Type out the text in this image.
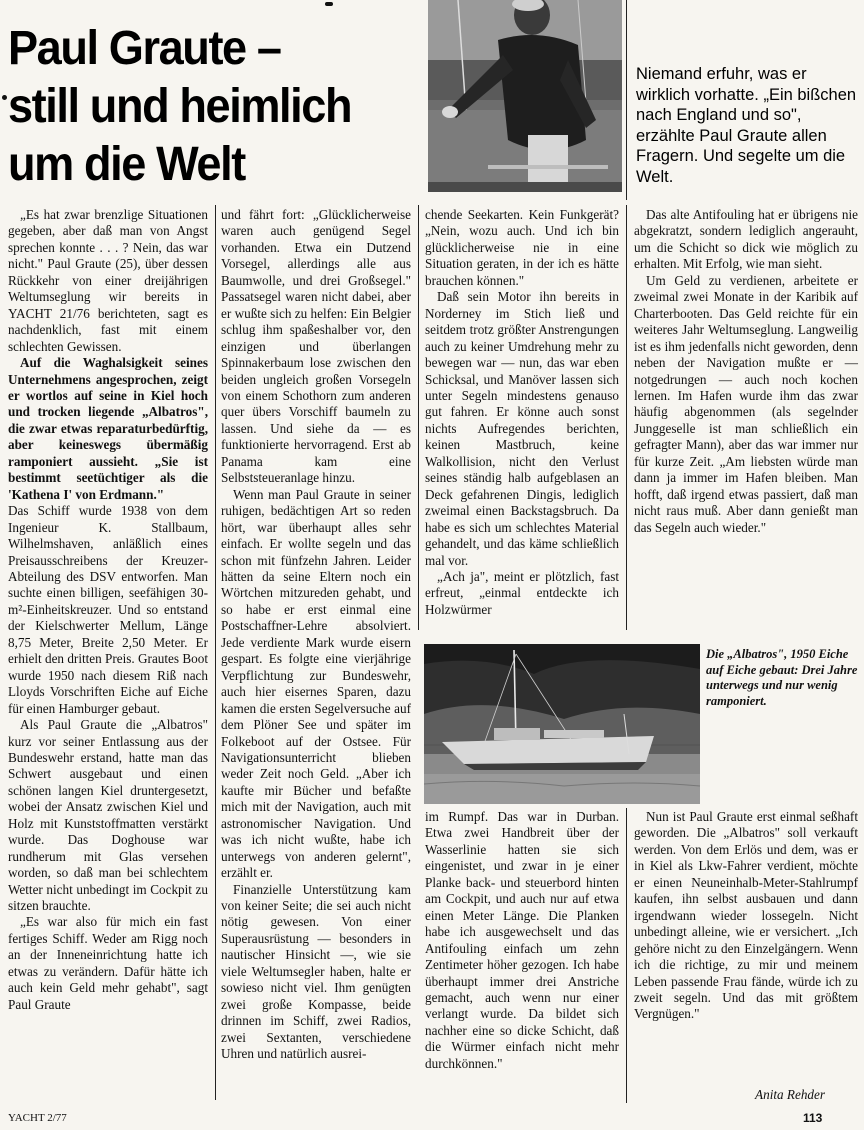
Paul Graute –
still und heimlich
um die Welt

Niemand erfuhr, was er wirklich vorhatte. „Ein bißchen nach England und so", erzählte Paul Graute allen Fragern. Und segelte um die Welt.

„Es hat zwar brenzlige Situationen gegeben, aber daß man von Angst sprechen konnte . . . ? Nein, das war nicht." Paul Graute (25), über dessen Rückkehr von einer dreijährigen Weltumseglung wir bereits in YACHT 21/76 berichteten, sagt es nachdenklich, fast mit einem schlechten Gewissen.

Auf die Waghalsigkeit seines Unternehmens angesprochen, zeigt er wortlos auf seine in Kiel hoch und trocken liegende „Albatros", die zwar etwas reparaturbedürftig, aber keineswegs übermäßig ramponiert aussieht. „Sie ist bestimmt seetüchtiger als die 'Kathena I' von Erdmann."

Das Schiff wurde 1938 von dem Ingenieur K. Stallbaum, Wilhelmshaven, anläßlich eines Preisausschreibens der Kreuzer-Abteilung des DSV entworfen. Man suchte einen billigen, seefähigen 30-m²-Einheitskreuzer. Und so entstand der Kielschwerter Mellum, Länge 8,75 Meter, Breite 2,50 Meter. Er erhielt den dritten Preis. Grautes Boot wurde 1950 nach diesem Riß nach Lloyds Vorschriften Eiche auf Eiche für einen Hamburger gebaut.

Als Paul Graute die „Albatros" kurz vor seiner Entlassung aus der Bundeswehr erstand, hatte man das Schwert ausgebaut und einen schönen langen Kiel druntergesetzt, wobei der Ansatz zwischen Kiel und Holz mit Kunststoffmatten verstärkt wurde. Das Doghouse war rundherum mit Glas versehen worden, so daß man bei schlechtem Wetter nicht unbedingt im Cockpit zu sitzen brauchte.

„Es war also für mich ein fast fertiges Schiff. Weder am Rigg noch an der Inneneinrichtung hatte ich etwas zu verändern. Dafür hätte ich auch kein Geld mehr gehabt", sagt Paul Graute

und fährt fort: „Glücklicherweise waren auch genügend Segel vorhanden. Etwa ein Dutzend Vorsegel, allerdings alle aus Baumwolle, und drei Großsegel." Passatsegel waren nicht dabei, aber er wußte sich zu helfen: Ein Belgier schlug ihm spaßeshalber vor, den einzigen und überlangen Spinnakerbaum lose zwischen den beiden ungleich großen Vorsegeln von einem Schothorn zum anderen quer übers Vorschiff baumeln zu lassen. Und siehe da — es funktionierte hervorragend. Erst ab Panama kam eine Selbststeueranlage hinzu.

Wenn man Paul Graute in seiner ruhigen, bedächtigen Art so reden hört, war überhaupt alles sehr einfach. Er wollte segeln und das schon mit fünfzehn Jahren. Leider hätten da seine Eltern noch ein Wörtchen mitzureden gehabt, und so habe er erst einmal eine Postschaffner-Lehre absolviert. Jede verdiente Mark wurde eisern gespart. Es folgte eine vierjährige Verpflichtung zur Bundeswehr, auch hier eisernes Sparen, dazu kamen die ersten Segelversuche auf dem Plöner See und später im Folkeboot auf der Ostsee. Für Navigationsunterricht blieben weder Zeit noch Geld. „Aber ich kaufte mir Bücher und befaßte mich mit der Navigation, auch mit astronomischer Navigation. Und was ich nicht wußte, habe ich unterwegs von anderen gelernt", erzählt er.

Finanzielle Unterstützung kam von keiner Seite; die sei auch nicht nötig gewesen. Von einer Superausrüstung — besonders in nautischer Hinsicht —, wie sie viele Weltumsegler haben, halte er sowieso nicht viel. Ihm genügten zwei große Kompasse, beide drinnen im Schiff, zwei Radios, zwei Sextanten, verschiedene Uhren und natürlich ausrei-

chende Seekarten. Kein Funkgerät? „Nein, wozu auch. Und ich bin glücklicherweise nie in eine Situation geraten, in der ich es hätte brauchen können."

Daß sein Motor ihn bereits in Norderney im Stich ließ und seitdem trotz größter Anstrengungen auch zu keiner Umdrehung mehr zu bewegen war — nun, das war eben Schicksal, und Manöver lassen sich unter Segeln mindestens genauso gut fahren. Er könne auch sonst nichts Aufregendes berichten, keinen Mastbruch, keine Walkollision, nicht den Verlust seines ständig halb aufgeblasen an Deck gefahrenen Dingis, lediglich zweimal einen Backstagsbruch. Da habe es sich um schlechtes Material gehandelt, und das käme schließlich mal vor.

„Ach ja", meint er plötzlich, fast erfreut, „einmal entdeckte ich Holzwürmer

Das alte Antifouling hat er übrigens nie abgekratzt, sondern lediglich angerauht, um die Schicht so dick wie möglich zu erhalten. Mit Erfolg, wie man sieht.

Um Geld zu verdienen, arbeitete er zweimal zwei Monate in der Karibik auf Charterbooten. Das Geld reichte für ein weiteres Jahr Weltumseglung. Langweilig ist es ihm jedenfalls nicht geworden, denn neben der Navigation mußte er — notgedrungen — auch noch kochen lernen. Im Hafen wurde ihm das zwar häufig abgenommen (als segelnder Junggeselle ist man schließlich ein gefragter Mann), aber das war immer nur für kurze Zeit. „Am liebsten würde man dann ja immer im Hafen bleiben. Man hofft, daß irgend etwas passiert, daß man nicht raus muß. Aber dann genießt man das Segeln auch wieder."

Die „Albatros", 1950 Eiche auf Eiche gebaut: Drei Jahre unterwegs und nur wenig ramponiert.

im Rumpf. Das war in Durban. Etwa zwei Handbreit über der Wasserlinie hatten sie sich eingenistet, und zwar in je einer Planke back- und steuerbord hinten am Cockpit, und auch nur auf etwa einen Meter Länge. Die Planken habe ich ausgewechselt und das Antifouling einfach um zehn Zentimeter höher gezogen. Ich habe überhaupt immer drei Anstriche gemacht, auch wenn nur einer verlangt wurde. Da bildet sich nachher eine so dicke Schicht, daß die Würmer einfach nicht mehr durchkönnen."

Nun ist Paul Graute erst einmal seßhaft geworden. Die „Albatros" soll verkauft werden. Von dem Erlös und dem, was er in Kiel als Lkw-Fahrer verdient, möchte er einen Neuneinhalb-Meter-Stahlrumpf kaufen, ihn selbst ausbauen und dann irgendwann wieder lossegeln. Nicht unbedingt alleine, wie er versichert. „Ich gehöre nicht zu den Einzelgängern. Wenn ich die richtige, zu mir und meinem Leben passende Frau fände, würde ich zu zweit segeln. Und das mit größtem Vergnügen."

Anita Rehder
YACHT 2/77	113
